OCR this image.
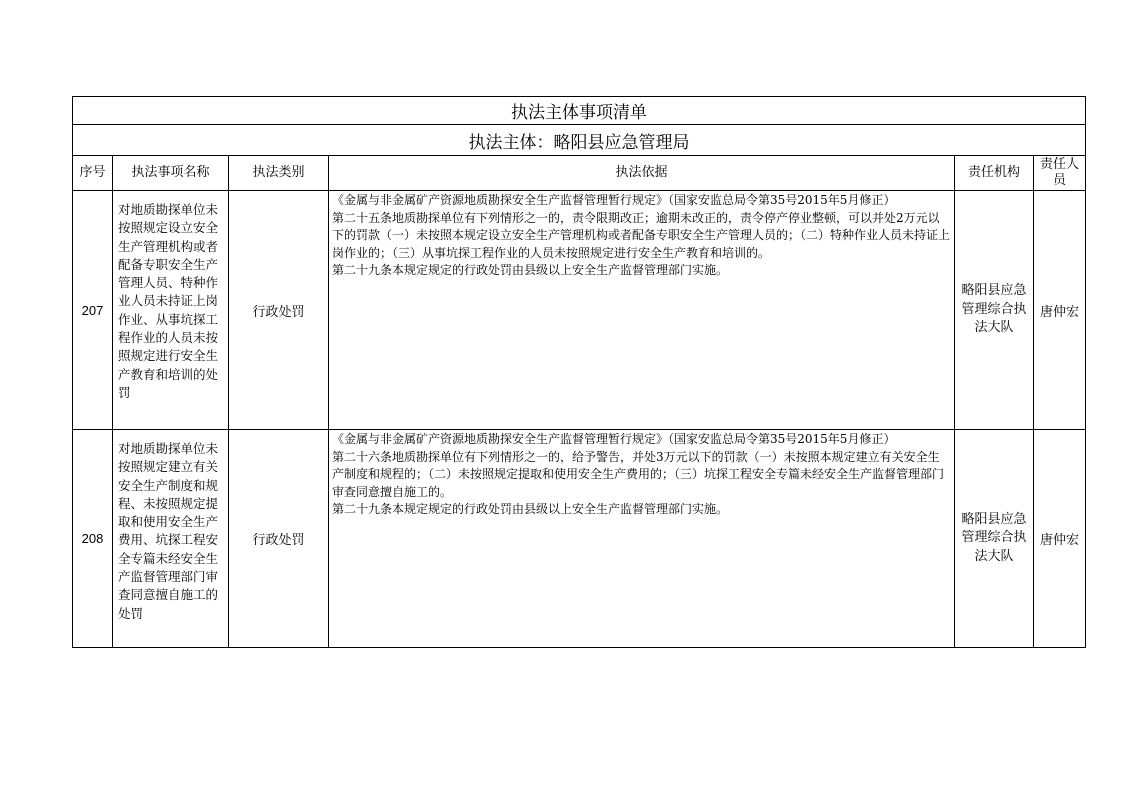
执法主体事项清单					
执法主体：略阳县应急管理局					
序号	执法事项名称	执法类别	执法依据	责任机构	责任人员
207	对地质勘探单位未按照规定设立安全生产管理机构或者配备专职安全生产管理人员、特种作业人员未持证上岗作业、从事坑探工程作业的人员未按照规定进行安全生产教育和培训的处罚	行政处罚	《金属与非金属矿产资源地质勘探安全生产监督管理暂行规定》（国家安监总局令第35号2015年5月修正）

第二十五条地质勘探单位有下列情形之一的，责令限期改正；逾期未改正的，责令停产停业整顿，可以并处2万元以下的罚款（一）未按照本规定设立安全生产管理机构或者配备专职安全生产管理人员的；（二）特种作业人员未持证上岗作业的；（三）从事坑探工程作业的人员未按照规定进行安全生产教育和培训的。

第二十九条本规定规定的行政处罚由县级以上安全生产监督管理部门实施。	略阳县应急管理综合执法大队	唐仲宏
208	对地质勘探单位未按照规定建立有关安全生产制度和规程、未按照规定提取和使用安全生产费用、坑探工程安全专篇未经安全生产监督管理部门审查同意擅自施工的处罚	行政处罚	《金属与非金属矿产资源地质勘探安全生产监督管理暂行规定》（国家安监总局令第35号2015年5月修正）

第二十六条地质勘探单位有下列情形之一的，给予警告，并处3万元以下的罚款（一）未按照本规定建立有关安全生产制度和规程的；（二）未按照规定提取和使用安全生产费用的；（三）坑探工程安全专篇未经安全生产监督管理部门审查同意擅自施工的。

第二十九条本规定规定的行政处罚由县级以上安全生产监督管理部门实施。	略阳县应急管理综合执法大队	唐仲宏
